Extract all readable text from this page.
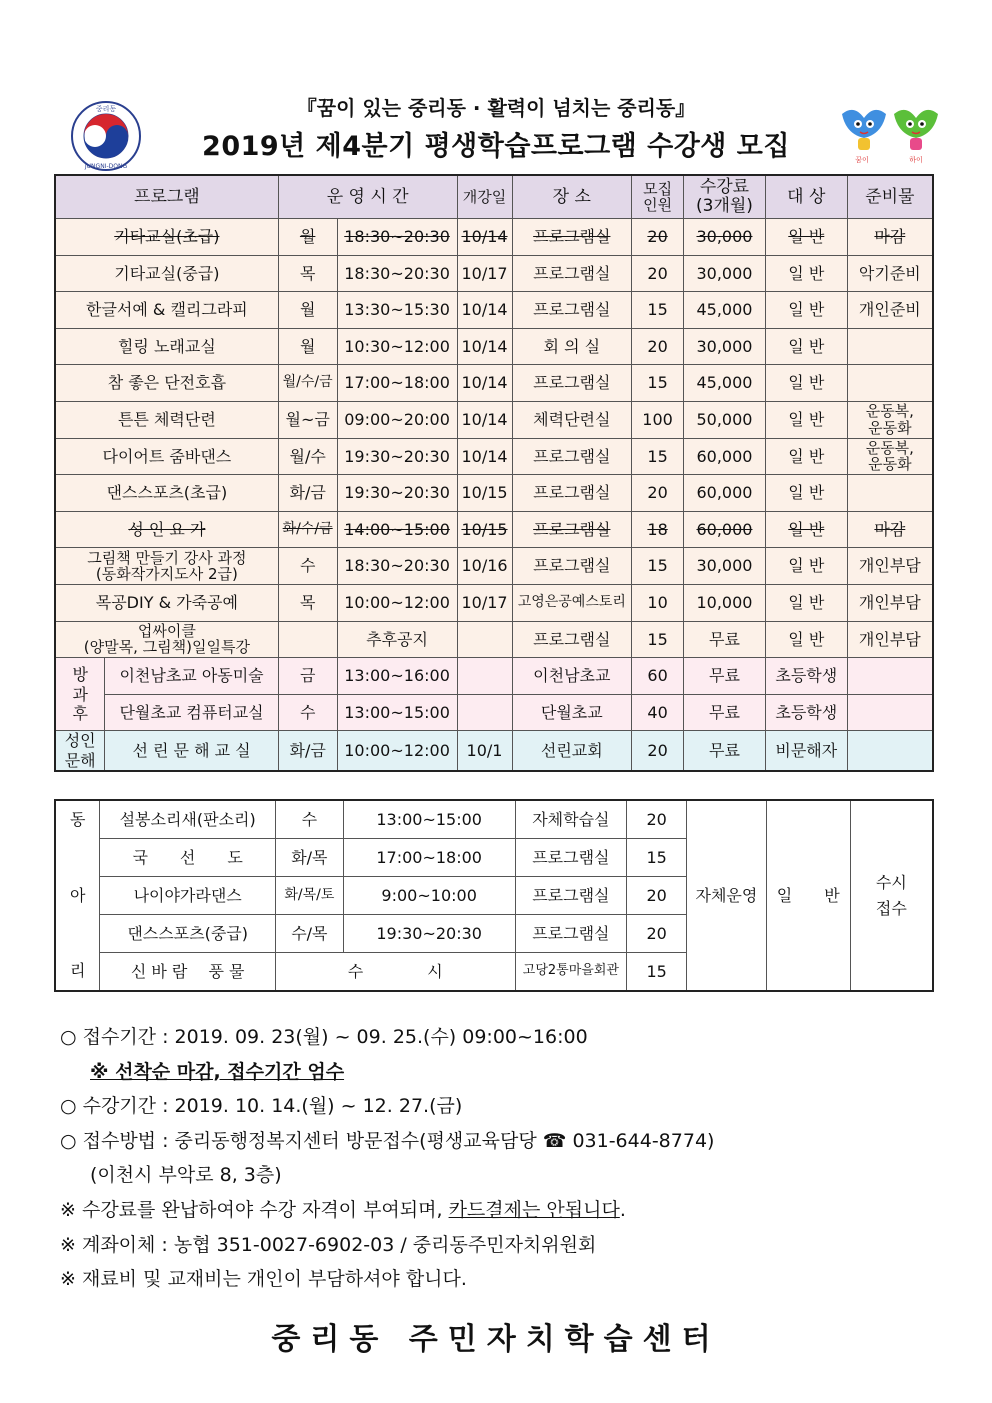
『꿈이 있는 중리동 · 활력이 넘치는 중리동』
2019년 제4분기 평생학습프로그램 수강생 모집
중리동
JUNGNI-DONG
꿈이	하이
프로그램		운 영 시 간		개강일	장 소	모집
인원	수강료
(3개월)	대 상	준비물
기타교실(초급)		월	18:30~20:30	10/14	프로그램실	20	30,000	일 반	마감
기타교실(중급)		목	18:30~20:30	10/17	프로그램실	20	30,000	일 반	악기준비
한글서예 & 캘리그라피		월	13:30~15:30	10/14	프로그램실	15	45,000	일 반	개인준비
힐링 노래교실		월	10:30~12:00	10/14	회 의 실	20	30,000	일 반	
참 좋은 단전호흡		월/수/금	17:00~18:00	10/14	프로그램실	15	45,000	일 반	
튼튼 체력단련		월~금	09:00~20:00	10/14	체력단련실	100	50,000	일 반	운동복,
운동화
다이어트 줌바댄스		월/수	19:30~20:30	10/14	프로그램실	15	60,000	일 반	운동복,
운동화
댄스스포츠(초급)		화/금	19:30~20:30	10/15	프로그램실	20	60,000	일 반	
성 인 요 가		화/수/금	14:00~15:00	10/15	프로그램실	18	60,000	일 반	마감
그림책 만들기 강사 과정
(동화작가지도사 2급)		수	18:30~20:30	10/16	프로그램실	15	30,000	일 반	개인부담
목공DIY & 가죽공예		목	10:00~12:00	10/17	고영은공예스토리	10	10,000	일 반	개인부담
업싸이클
(양말목, 그림책)일일특강			추후공지		프로그램실	15	무료	일 반	개인부담
방
과
후	이천남초교 아동미술	금	13:00~16:00		이천남초교	60	무료	초등학생	
	단월초교 컴퓨터교실	수	13:00~15:00		단월초교	40	무료	초등학생	
성인
문해	선 린 문 해 교 실	화/금	10:00~12:00	10/1	선린교회	20	무료	비문해자	
동	설봉소리새(판소리)	수	13:00~15:00	자체학습실	20	자체운영	일　　반	수시
접수
	국　　선　　도	화/목	17:00~18:00	프로그램실	15			
아	나이야가라댄스	화/목/토	9:00~10:00	프로그램실	20			
	댄스스포츠(중급)	수/목	19:30~20:30	프로그램실	20			
리	신 바 람　 풍 물	수　　　　시		고당2통마을회관	15			
○ 접수기간 : 2019. 09. 23(월) ~ 09. 25.(수) 09:00~16:00
※ 선착순 마감, 접수기간 엄수
○ 수강기간 : 2019. 10. 14.(월) ~ 12. 27.(금)
○ 접수방법 : 중리동행정복지센터 방문접수(평생교육담당 ☎ 031-644-8774)
(이천시 부악로 8, 3층)
※ 수강료를 완납하여야 수강 자격이 부여되며, 카드결제는 안됩니다.
※ 계좌이체 : 농협 351-0027-6902-03 / 중리동주민자치위원회
※ 재료비 및 교재비는 개인이 부담하셔야 합니다.
중리동 주민자치학습센터
